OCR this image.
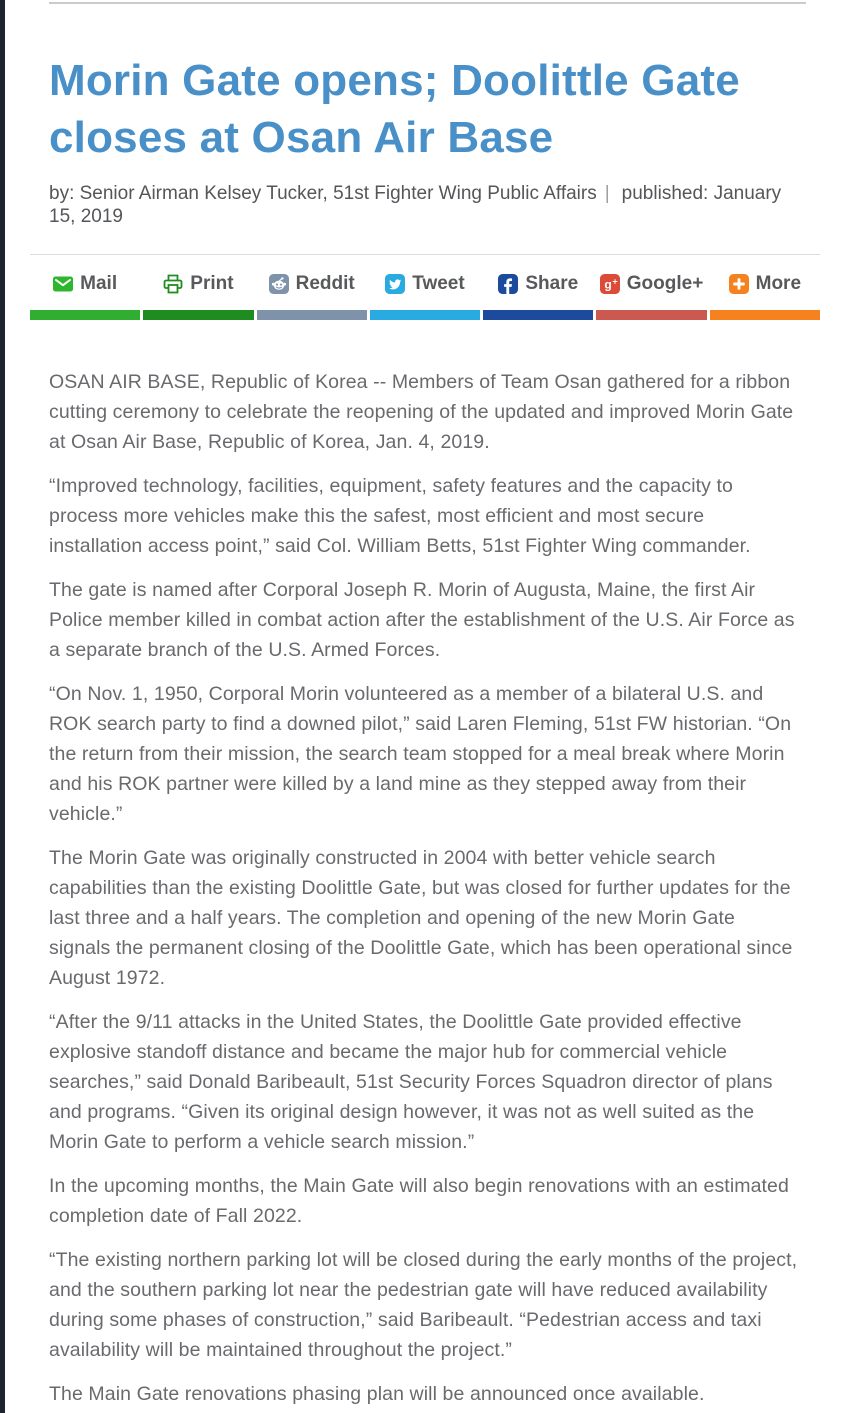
Morin Gate opens; Doolittle Gate closes at Osan Air Base
by: Senior Airman Kelsey Tucker, 51st Fighter Wing Public Affairs | published: January 15, 2019
Mail	Print	Reddit	Tweet	Share g + Google+	More

OSAN AIR BASE, Republic of Korea -- Members of Team Osan gathered for a ribbon cutting ceremony to celebrate the reopening of the updated and improved Morin Gate at Osan Air Base, Republic of Korea, Jan. 4, 2019.

“Improved technology, facilities, equipment, safety features and the capacity to process more vehicles make this the safest, most efficient and most secure installation access point,” said Col. William Betts, 51st Fighter Wing commander.

The gate is named after Corporal Joseph R. Morin of Augusta, Maine, the first Air Police member killed in combat action after the establishment of the U.S. Air Force as a separate branch of the U.S. Armed Forces.

“On Nov. 1, 1950, Corporal Morin volunteered as a member of a bilateral U.S. and ROK search party to find a downed pilot,” said Laren Fleming, 51st FW historian. “On the return from their mission, the search team stopped for a meal break where Morin and his ROK partner were killed by a land mine as they stepped away from their vehicle.”

The Morin Gate was originally constructed in 2004 with better vehicle search capabilities than the existing Doolittle Gate, but was closed for further updates for the last three and a half years. The completion and opening of the new Morin Gate signals the permanent closing of the Doolittle Gate, which has been operational since August 1972.

“After the 9/11 attacks in the United States, the Doolittle Gate provided effective explosive standoff distance and became the major hub for commercial vehicle searches,” said Donald Baribeault, 51st Security Forces Squadron director of plans and programs. “Given its original design however, it was not as well suited as the Morin Gate to perform a vehicle search mission.”

In the upcoming months, the Main Gate will also begin renovations with an estimated completion date of Fall 2022.

“The existing northern parking lot will be closed during the early months of the project, and the southern parking lot near the pedestrian gate will have reduced availability during some phases of construction,” said Baribeault. “Pedestrian access and taxi availability will be maintained throughout the project.”

The Main Gate renovations phasing plan will be announced once available.
